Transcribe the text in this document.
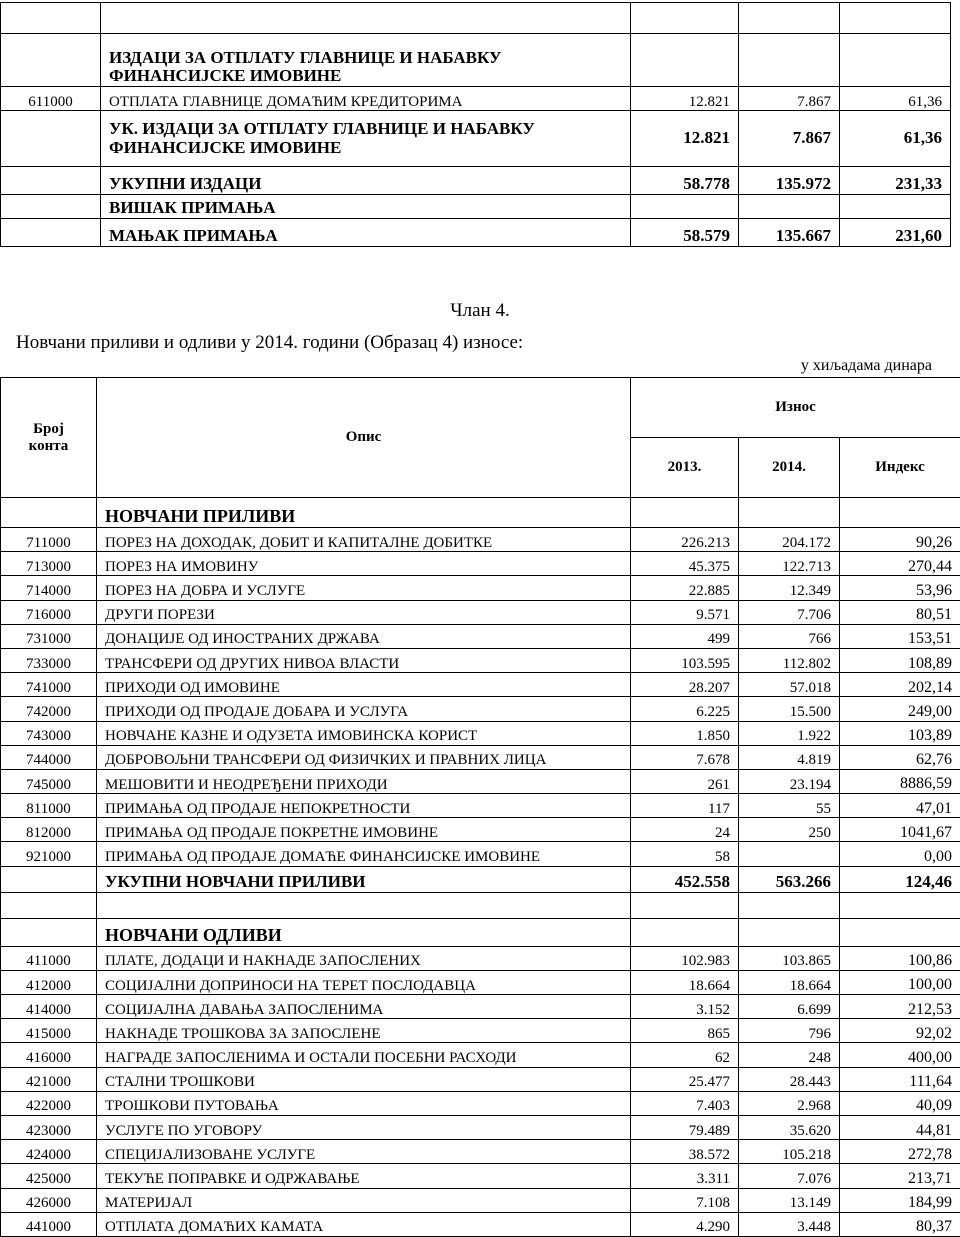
	ИЗДАЦИ ЗА ОТПЛАТУ ГЛАВНИЦЕ И НАБАВКУ
ФИНАНСИЈСКЕ ИМОВИНЕ			
611000	ОТПЛАТА ГЛАВНИЦЕ ДОМАЋИМ КРЕДИТОРИМА	12.821	7.867	61,36
	УК. ИЗДАЦИ ЗА ОТПЛАТУ ГЛАВНИЦЕ И НАБАВКУ
ФИНАНСИЈСКЕ ИМОВИНЕ	12.821	7.867	61,36
	УКУПНИ ИЗДАЦИ	58.778	135.972	231,33
	ВИШАК ПРИМАЊА			
	МАЊАК ПРИМАЊА	58.579	135.667	231,60
Члан 4.
Новчани приливи и одливи у 2014. години (Образац 4) износе:
у хиљадама динара
Број
конта	Опис	Износ		
		2013.	2014.	Индекс
	НОВЧАНИ ПРИЛИВИ			
711000	ПОРЕЗ НА ДОХОДАК, ДОБИТ И КАПИТАЛНЕ ДОБИТКЕ	226.213	204.172	90,26
713000	ПОРЕЗ НА ИМОВИНУ	45.375	122.713	270,44
714000	ПОРЕЗ НА ДОБРА И УСЛУГЕ	22.885	12.349	53,96
716000	ДРУГИ ПОРЕЗИ	9.571	7.706	80,51
731000	ДОНАЦИЈЕ ОД ИНОСТРАНИХ ДРЖАВА	499	766	153,51
733000	ТРАНСФЕРИ ОД ДРУГИХ НИВОА ВЛАСТИ	103.595	112.802	108,89
741000	ПРИХОДИ ОД ИМОВИНЕ	28.207	57.018	202,14
742000	ПРИХОДИ ОД ПРОДАЈЕ ДОБАРА И УСЛУГА	6.225	15.500	249,00
743000	НОВЧАНЕ КАЗНЕ И ОДУЗЕТА ИМОВИНСКА КОРИСТ	1.850	1.922	103,89
744000	ДОБРОВОЉНИ ТРАНСФЕРИ ОД ФИЗИЧКИХ И ПРАВНИХ ЛИЦА	7.678	4.819	62,76
745000	МЕШОВИТИ И НЕОДРЕЂЕНИ ПРИХОДИ	261	23.194	8886,59
811000	ПРИМАЊА ОД ПРОДАЈЕ НЕПОКРЕТНОСТИ	117	55	47,01
812000	ПРИМАЊА ОД ПРОДАЈЕ ПОКРЕТНЕ ИМОВИНЕ	24	250	1041,67
921000	ПРИМАЊА ОД ПРОДАЈЕ ДОМАЋЕ ФИНАНСИЈСКЕ ИМОВИНЕ	58		0,00
	УКУПНИ НОВЧАНИ ПРИЛИВИ	452.558	563.266	124,46

	НОВЧАНИ ОДЛИВИ			
411000	ПЛАТЕ, ДОДАЦИ И НАКНАДЕ ЗАПОСЛЕНИХ	102.983	103.865	100,86
412000	СОЦИЈАЛНИ ДОПРИНОСИ НА ТЕРЕТ ПОСЛОДАВЦА	18.664	18.664	100,00
414000	СОЦИЈАЛНА ДАВАЊА ЗАПОСЛЕНИМА	3.152	6.699	212,53
415000	НАКНАДЕ ТРОШКОВА ЗА ЗАПОСЛЕНЕ	865	796	92,02
416000	НАГРАДЕ ЗАПОСЛЕНИМА И ОСТАЛИ ПОСЕБНИ РАСХОДИ	62	248	400,00
421000	СТАЛНИ ТРОШКОВИ	25.477	28.443	111,64
422000	ТРОШКОВИ ПУТОВАЊА	7.403	2.968	40,09
423000	УСЛУГЕ ПО УГОВОРУ	79.489	35.620	44,81
424000	СПЕЦИЈАЛИЗОВАНЕ УСЛУГЕ	38.572	105.218	272,78
425000	ТЕКУЋЕ ПОПРАВКЕ И ОДРЖАВАЊЕ	3.311	7.076	213,71
426000	МАТЕРИЈАЛ	7.108	13.149	184,99
441000	ОТПЛАТА ДОМАЋИХ КАМАТА	4.290	3.448	80,37
